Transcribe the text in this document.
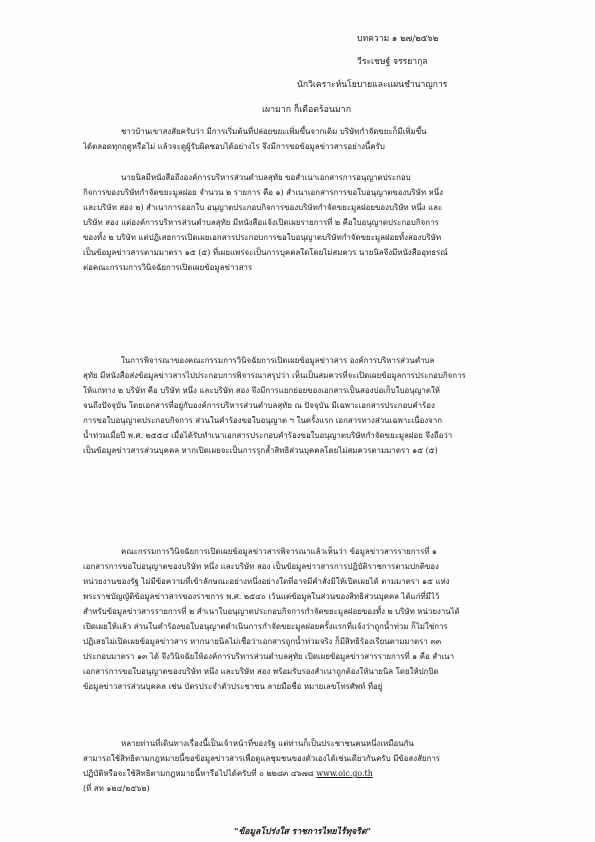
บทความ ๑ ๒๗/๒๕๖๒
วีระเชษฐ์ จรรยากุล
นักวิเคราะห์นโยบายและแผนชำนาญการ
เผามาก ก็เดือดร้อนมาก
ชาวบ้านเขาสงสัยครับว่า มีการเริ่มต้นที่ปล่อยขยะเพิ่มขึ้นจากเดิม บริษัทกำจัดขยะก็มีเพิ่มขึ้น
ได้ตลอดทุกฤดูหรือไม่ แล้วจะดูผู้รับผิดชอบได้อย่างไร จึงมีการขอข้อมูลข่าวสารอย่างนี้ครับ
นายนิลมีหนังสือถึงองค์การบริหารส่วนตำบลสุทัย ขอสำเนาเอกสารการอนุญาตประกอบ
กิจการของบริษัทกำจัดขยะมูลฝอย จำนวน ๒ รายการ คือ ๑) สำเนาเอกสารการขอใบอนุญาตของบริษัท หนึ่ง
และบริษัท สอง ๒) สำเนาการออกใบ อนุญาตประกอบกิจการของบริษัทกำจัดขยะมูลฝอยของบริษัท หนึ่ง และ
บริษัท สอง แต่องค์การบริหารส่วนตำบลสุทัย มีหนังสือแจ้งเปิดเผยรายการที่ ๒ คือใบอนุญาตประกอบกิจการ
ของทั้ง ๒ บริษัท แต่ปฏิเสธการเปิดเผยเอกสารประกอบการขอใบอนุญาตบริษัทกำจัดขยะมูลฝอยทั้งสองบริษัท
เป็นข้อมูลข่าวสารตามมาตรา ๑๕ (๕) ที่เผยแพร่จะเป็นการบุคคลใดโดยไม่สมควร นายนิลจึงมีหนังสืออุทธรณ์
ต่อคณะกรรมการวินิจฉัยการเปิดเผยข้อมูลข่าวสาร
ในการพิจารณาของคณะกรรมการวินิจฉัยการเปิดเผยข้อมูลข่าวสาร องค์การบริหารส่วนตำบล
สุทัย มีหนังสือส่งข้อมูลข่าวสารไปประกอบการพิจารณาสรุปว่า เห็นเป็นสมควรที่จะเปิดเผยข้อมูลการประกอบกิจการ
ให้แก่ทาง ๒ บริษัท คือ บริษัท หนึ่ง และบริษัท สอง จึงมีการแยกย่อยของเอกสารเป็นสองบ่อเก็บใบอนุญาตให้
จนถึงปัจจุบัน โดยเอกสารที่อยู่กับองค์การบริหารส่วนตำบลสุทัย ณ ปัจจุบัน มีเฉพาะเอกสารประกอบคำร้อง
การขอใบอนุญาตประกอบกิจการ ส่วนในคำร้องขอใบอนุญาต ฯ ในครั้งแรก เอกสารทางส่วนเฉพาะเนื่องจาก
น้ำท่วมเมื่อปี พ.ศ. ๒๕๕๔ เมื่อได้รับทำเนาเอกสารประกอบคำร้องขอใบอนุญาตบริษัทกำจัดขยะมูลฝอย จึงถือว่า
เป็นข้อมูลข่าวสารส่วนบุคคล หากเปิดเผยจะเป็นการรุกล้ำสิทธิส่วนบุคคลโดยไม่สมควรตามมาตรา ๑๕ (๕)
คณะกรรมการวินิจฉัยการเปิดเผยข้อมูลข่าวสารพิจารณาแล้วเห็นว่า ข้อมูลข่าวสารรายการที่ ๑
เอกสารการขอใบอนุญาตของบริษัท หนึ่ง และบริษัท สอง เป็นข้อมูลข่าวสารการปฏิบัติราชการตามปกติของ
หน่วยงานของรัฐ ไม่มีข้อความที่เข้าลักษณะอย่างหนึ่งอย่างใดที่อาจมีคำสั่งมิให้เปิดเผยได้ ตามมาตรา ๑๕ แห่ง
พระราชบัญญัติข้อมูลข่าวสารของราชการ พ.ศ. ๒๕๔๐ เว้นแต่ข้อมูลในส่วนของสิทธิส่วนบุคคล ได้แก่ที่มีไว้
สำหรับข้อมูลข่าวสารรายการที่ ๒ สำเนาใบอนุญาตประกอบกิจการกำจัดขยะมูลฝอยของทั้ง ๒ บริษัท หน่วยงานได้
เปิดเผยให้แล้ว ส่วนในคำร้องขอใบอนุญาตดำเนินการกำจัดขยะมูลฝอยครั้งแรกที่แจ้งว่าถูกน้ำท่วม ก็ไม่ใช่การ
ปฏิเสธไม่เปิดเผยข้อมูลข่าวสาร หากนายนิลไม่เชื่อว่าเอกสารถูกน้ำท่วมจริง ก็มีสิทธิร้องเรียนตามมาตรา ๓๓
ประกอบมาตรา ๑๓ ได้ จึงวินิจฉัยให้องค์การบริหารส่วนตำบลสุทัย เปิดเผยข้อมูลข่าวสารรายการที่ ๑ คือ สำเนา
เอกสารการขอใบอนุญาตของบริษัท หนึ่ง และบริษัท สอง พร้อมรับรองสำเนาถูกต้องให้นายนิล โดยให้ปกปิด
ข้อมูลข่าวสารส่วนบุคคล เช่น บัตรประจำตัวประชาชน ลายมือชื่อ หมายเลขโทรศัพท์ ที่อยู่
หลายท่านที่เดินทางเรื่องนี้เป็นเจ้าหน้าที่ของรัฐ แต่ท่านก็เป็นประชาชนคนหนึ่งเหมือนกัน
สามารถใช้สิทธิตามกฎหมายนี้ขอข้อมูลข่าวสารเพื่อดูแลชุมชนของตัวเองได้เช่นเดียวกันครับ มีข้อสงสัยการ
ปฏิบัติหรือจะใช้สิทธิตามกฎหมายนี้หารือไปได้ครับที่ ๐ ๒๒๘๓ ๔๖๗๘ www.oic.go.th
(ที่ สท ๑๒๔/๒๕๖๒)
"ข้อมูลโปร่งใส ราชการไทยไร้ทุจริต"
